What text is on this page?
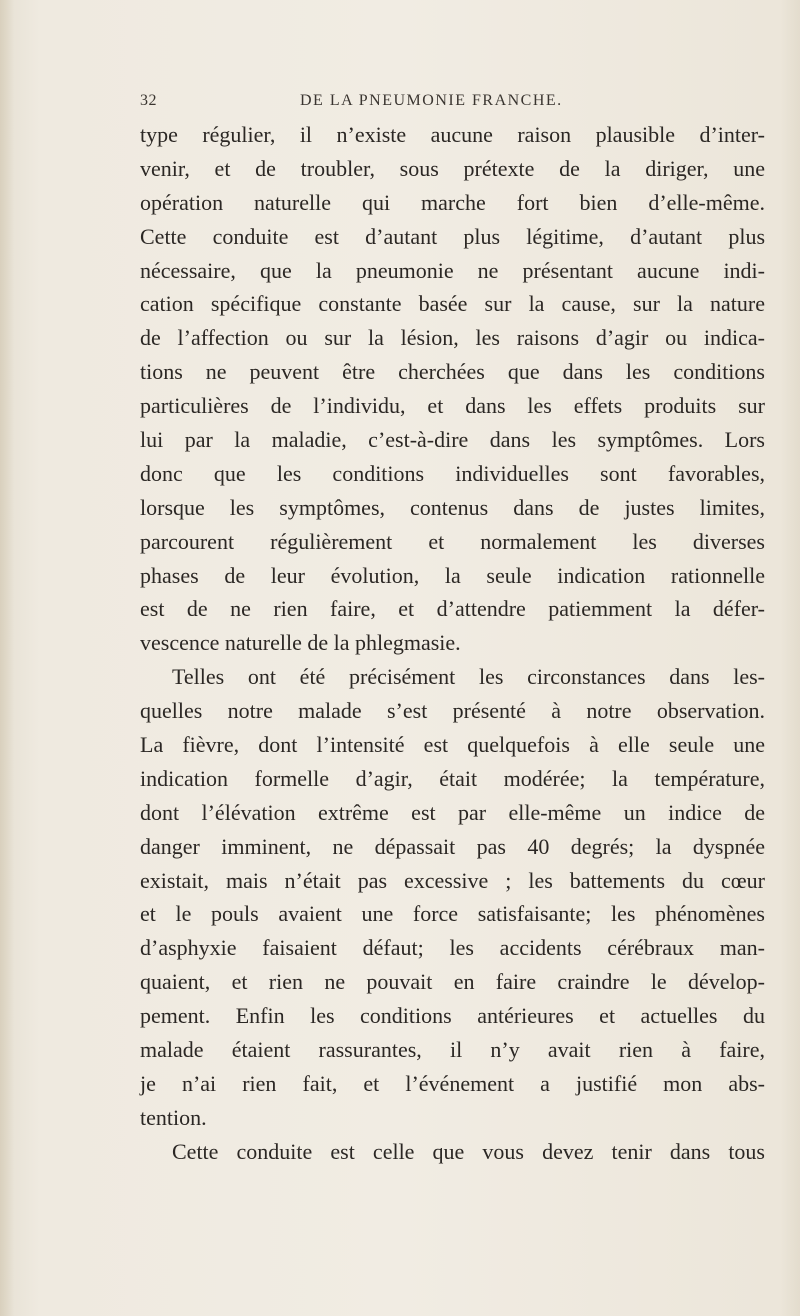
32	DE LA PNEUMONIE FRANCHE.
type régulier, il n’existe aucune raison plausible d’inter-
venir, et de troubler, sous prétexte de la diriger, une
opération naturelle qui marche fort bien d’elle-même.
Cette conduite est d’autant plus légitime, d’autant plus
nécessaire, que la pneumonie ne présentant aucune indi-
cation spécifique constante basée sur la cause, sur la nature
de l’affection ou sur la lésion, les raisons d’agir ou indica-
tions ne peuvent être cherchées que dans les conditions
particulières de l’individu, et dans les effets produits sur
lui par la maladie, c’est-à-dire dans les symptômes. Lors
donc que les conditions individuelles sont favorables,
lorsque les symptômes, contenus dans de justes limites,
parcourent régulièrement et normalement les diverses
phases de leur évolution, la seule indication rationnelle
est de ne rien faire, et d’attendre patiemment la défer-
vescence naturelle de la phlegmasie.
Telles ont été précisément les circonstances dans les-
quelles notre malade s’est présenté à notre observation.
La fièvre, dont l’intensité est quelquefois à elle seule une
indication formelle d’agir, était modérée; la température,
dont l’élévation extrême est par elle-même un indice de
danger imminent, ne dépassait pas 40 degrés; la dyspnée
existait, mais n’était pas excessive ; les battements du cœur
et le pouls avaient une force satisfaisante; les phénomènes
d’asphyxie faisaient défaut; les accidents cérébraux man-
quaient, et rien ne pouvait en faire craindre le dévelop-
pement. Enfin les conditions antérieures et actuelles du
malade étaient rassurantes, il n’y avait rien à faire,
je n’ai rien fait, et l’événement a justifié mon abs-
tention.
Cette conduite est celle que vous devez tenir dans tous
